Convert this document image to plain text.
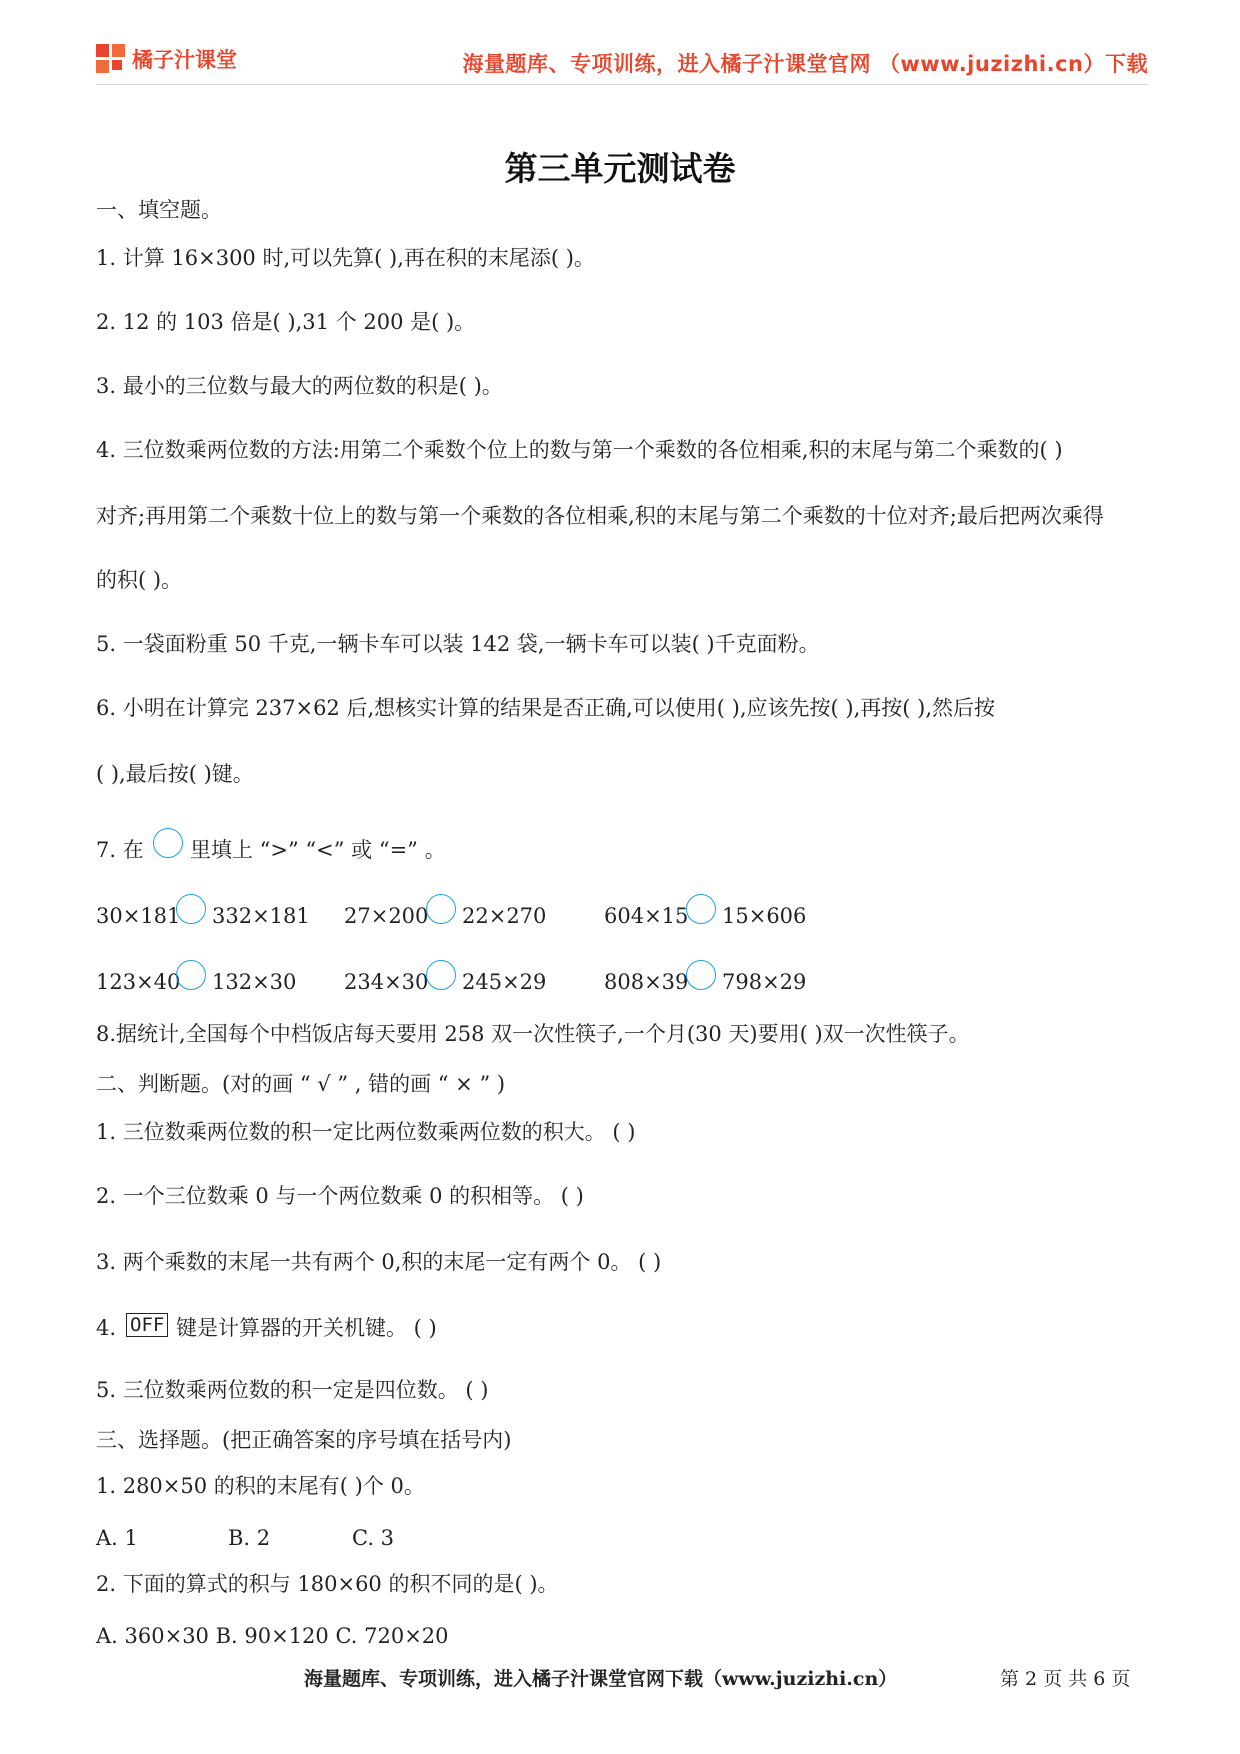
橘子汁课堂	海量题库、专项训练，进入橘子汁课堂官网 （www.juzizhi.cn）下载
第三单元测试卷
一、填空题。
1. 计算 16×300 时,可以先算( ),再在积的末尾添( )。
2. 12 的 103 倍是( ),31 个 200 是( )。
3. 最小的三位数与最大的两位数的积是( )。
4. 三位数乘两位数的方法:用第二个乘数个位上的数与第一个乘数的各位相乘,积的末尾与第二个乘数的( )
对齐;再用第二个乘数十位上的数与第一个乘数的各位相乘,积的末尾与第二个乘数的十位对齐;最后把两次乘得
的积( )。
5. 一袋面粉重 50 千克,一辆卡车可以装 142 袋,一辆卡车可以装( )千克面粉。
6. 小明在计算完 237×62 后,想核实计算的结果是否正确,可以使用( ),应该先按( ),再按( ),然后按
( ),最后按( )键。
7. 在 里填上 “>” “<” 或 “=” 。
30×181 332×181 27×200 22×270	604×15 15×606
123×40 132×30 234×30 245×29	808×39 798×29
8.据统计,全国每个中档饭店每天要用 258 双一次性筷子,一个月(30 天)要用( )双一次性筷子。
二、判断题。(对的画 “ √ ” , 错的画 “ × ” )
1. 三位数乘两位数的积一定比两位数乘两位数的积大。 ( )
2. 一个三位数乘 0 与一个两位数乘 0 的积相等。 ( )
3. 两个乘数的末尾一共有两个 0,积的末尾一定有两个 0。 ( )
4. OFF 键是计算器的开关机键。 ( )
5. 三位数乘两位数的积一定是四位数。 ( )
三、选择题。(把正确答案的序号填在括号内)
1. 280×50 的积的末尾有( )个 0。
A. 1	B. 2	C. 3
2. 下面的算式的积与 180×60 的积不同的是( )。
A. 360×30 B. 90×120 C. 720×20
海量题库、专项训练，进入橘子汁课堂官网下载（www.juzizhi.cn）	第 2 页 共 6 页
